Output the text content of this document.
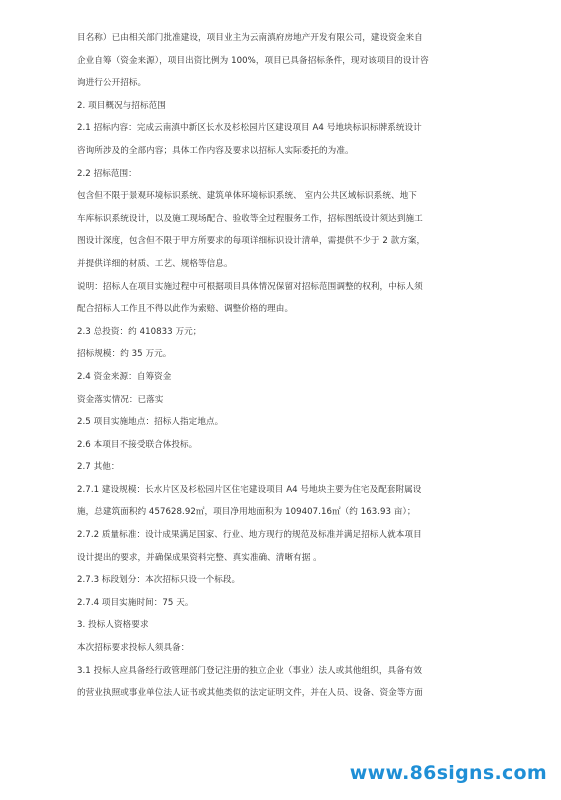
目名称）已由相关部门批准建设，项目业主为云南滇府房地产开发有限公司，建设资金来自
企业自筹（资金来源），项目出资比例为 100%，项目已具备招标条件，现对该项目的设计咨
询进行公开招标。
2. 项目概况与招标范围
2.1 招标内容：完成云南滇中新区长水及杉松园片区建设项目 A4 号地块标识标牌系统设计
咨询所涉及的全部内容；具体工作内容及要求以招标人实际委托的为准。
2.2 招标范围：
包含但不限于景观环境标识系统、建筑单体环境标识系统、 室内公共区域标识系统、地下
车库标识系统设计，以及施工现场配合、验收等全过程服务工作，招标图纸设计须达到施工
图设计深度，包含但不限于甲方所要求的每项详细标识设计清单，需提供不少于 2 款方案，
并提供详细的材质、工艺、规格等信息。
说明：招标人在项目实施过程中可根据项目具体情况保留对招标范围调整的权利，中标人须
配合招标人工作且不得以此作为索赔、调整价格的理由。
2.3 总投资：约 410833 万元；
招标规模：约 35 万元。
2.4 资金来源：自筹资金
资金落实情况：已落实
2.5 项目实施地点：招标人指定地点。
2.6 本项目不接受联合体投标。
2.7 其他：
2.7.1 建设规模：长水片区及杉松园片区住宅建设项目 A4 号地块主要为住宅及配套附属设
施，总建筑面积约 457628.92㎡，项目净用地面积为 109407.16㎡（约 163.93 亩）；
2.7.2 质量标准：设计成果满足国家、行业、地方现行的规范及标准并满足招标人就本项目
设计提出的要求，并确保成果资料完整、真实准确、清晰有据 。
2.7.3 标段划分：本次招标只设一个标段。
2.7.4 项目实施时间：75 天。
3. 投标人资格要求
本次招标要求投标人须具备：
3.1 投标人应具备经行政管理部门登记注册的独立企业（事业）法人或其他组织，具备有效
的营业执照或事业单位法人证书或其他类似的法定证明文件，并在人员、设备、资金等方面
www.86signs.com
